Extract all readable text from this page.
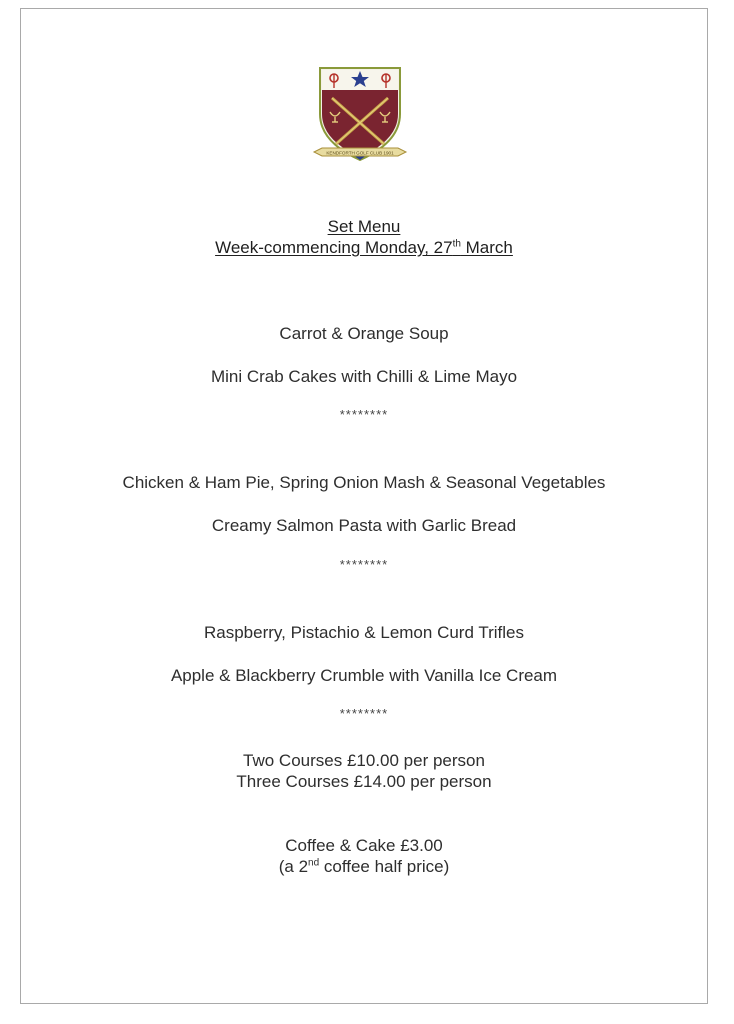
KENDFORTH GOLF CLUB 1901
Set Menu
Week-commencing Monday, 27th March
Carrot & Orange Soup
Mini Crab Cakes with Chilli & Lime Mayo
********
Chicken & Ham Pie, Spring Onion Mash & Seasonal Vegetables
Creamy Salmon Pasta with Garlic Bread
********
Raspberry, Pistachio & Lemon Curd Trifles
Apple & Blackberry Crumble with Vanilla Ice Cream
********
Two Courses £10.00 per person
Three Courses £14.00 per person
Coffee & Cake £3.00
(a 2nd coffee half price)
